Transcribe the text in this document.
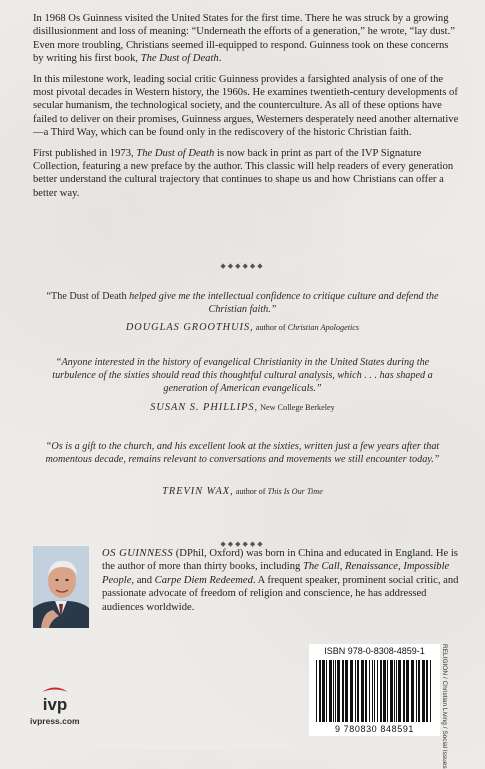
In 1968 Os Guinness visited the United States for the first time. There he was struck by a growing disillusionment and loss of meaning: “Underneath the efforts of a generation,” he wrote, “lay dust.” Even more troubling, Christians seemed ill-equipped to respond. Guinness took on these concerns by writing his first book, The Dust of Death.

In this milestone work, leading social critic Guinness provides a farsighted analysis of one of the most pivotal decades in Western history, the 1960s. He examines twentieth-century developments of secular humanism, the technological society, and the counterculture. As all of these options have failed to deliver on their promises, Guinness argues, Westerners desperately need another alternative—a Third Way, which can be found only in the rediscovery of the historic Christian faith.

First published in 1973, The Dust of Death is now back in print as part of the IVP Signature Collection, featuring a new preface by the author. This classic will help readers of every generation better understand the cultural trajectory that continues to shape us and how Christians can offer a better way.

◆◆◆◆◆◆
“The Dust of Death helped give me the intellectual confidence to critique culture and defend the Christian faith.”
DOUGLAS GROOTHUIS, author of Christian Apologetics
“Anyone interested in the history of evangelical Christianity in the United States during the turbulence of the sixties should read this thoughtful cultural analysis, which . . . has shaped a generation of American evangelicals.”
SUSAN S. PHILLIPS, New College Berkeley
“Os is a gift to the church, and his excellent look at the sixties, written just a few years after that momentous decade, remains relevant to conversations and movements we still encounter today.”
TREVIN WAX, author of This Is Our Time
◆◆◆◆◆◆
OS GUINNESS (DPhil, Oxford) was born in China and educated in England. He is the author of more than thirty books, including The Call, Renaissance, Impossible People, and Carpe Diem Redeemed. A frequent speaker, prominent social critic, and passionate advocate of freedom of religion and conscience, he has addressed audiences worldwide.
ivp
ivpress.com
ISBN 978-0-8308-4859-1
9 780830 848591	RELIGION / Christian Living / Social Issues
